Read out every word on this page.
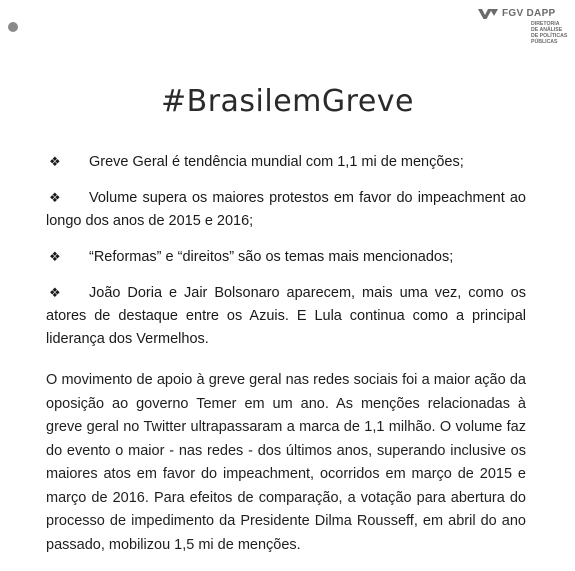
FGV DAPP
DIRETORIA
DE ANÁLISE
DE POLÍTICAS
PÚBLICAS
#BrasilemGreve

❖ Greve Geral é tendência mundial com 1,1 mi de menções;

❖ Volume supera os maiores protestos em favor do impeachment ao longo dos anos de 2015 e 2016;

❖ “Reformas” e “direitos” são os temas mais mencionados;

❖ João Doria e Jair Bolsonaro aparecem, mais uma vez, como os atores de destaque entre os Azuis. E Lula continua como a principal liderança dos Vermelhos.

O movimento de apoio à greve geral nas redes sociais foi a maior ação da oposição ao governo Temer em um ano. As menções relacionadas à greve geral no Twitter ultrapassaram a marca de 1,1 milhão. O volume faz do evento o maior - nas redes - dos últimos anos, superando inclusive os maiores atos em favor do impeachment, ocorridos em março de 2015 e março de 2016. Para efeitos de comparação, a votação para abertura do processo de impedimento da Presidente Dilma Rousseff, em abril do ano passado, mobilizou 1,5 mi de menções.
